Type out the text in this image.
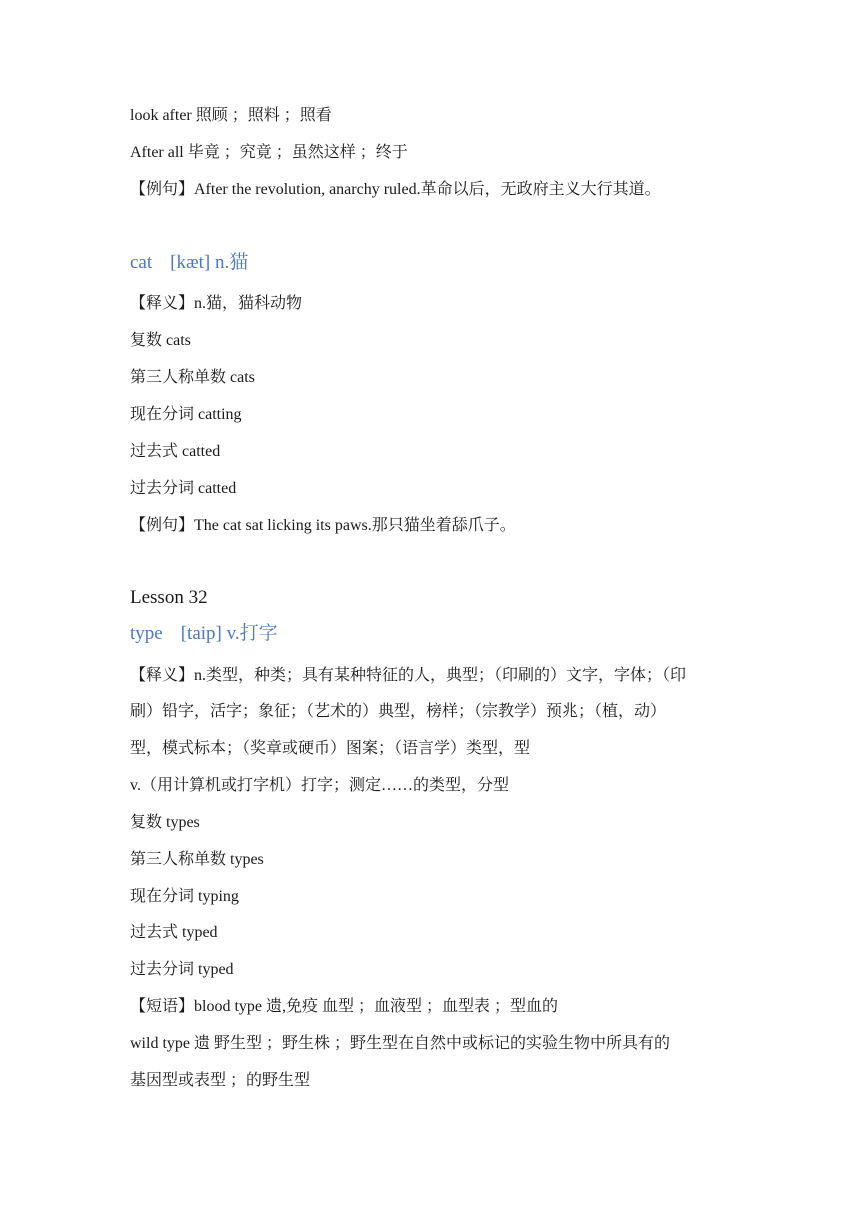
look after 照顾 ；照料 ；照看

After all 毕竟 ；究竟 ；虽然这样 ；终于

【例句】After the revolution, anarchy ruled.革命以后，无政府主义大行其道。

cat [kæt] n.猫

【释义】n.猫，猫科动物

复数 cats

第三人称单数 cats

现在分词 catting

过去式 catted

过去分词 catted

【例句】The cat sat licking its paws.那只猫坐着舔爪子。

Lesson 32

type [taip] v.打字

【释义】n.类型，种类；具有某种特征的人，典型；（印刷的）文字，字体；（印

刷）铅字，活字；象征；（艺术的）典型，榜样；（宗教学）预兆；（植，动）

型，模式标本；（奖章或硬币）图案；（语言学）类型，型

v.（用计算机或打字机）打字；测定……的类型，分型

复数 types

第三人称单数 types

现在分词 typing

过去式 typed

过去分词 typed

【短语】blood type 遗,免疫 血型 ；血液型 ；血型表 ；型血的

wild type 遗 野生型 ；野生株 ；野生型在自然中或标记的实验生物中所具有的

基因型或表型 ；的野生型
